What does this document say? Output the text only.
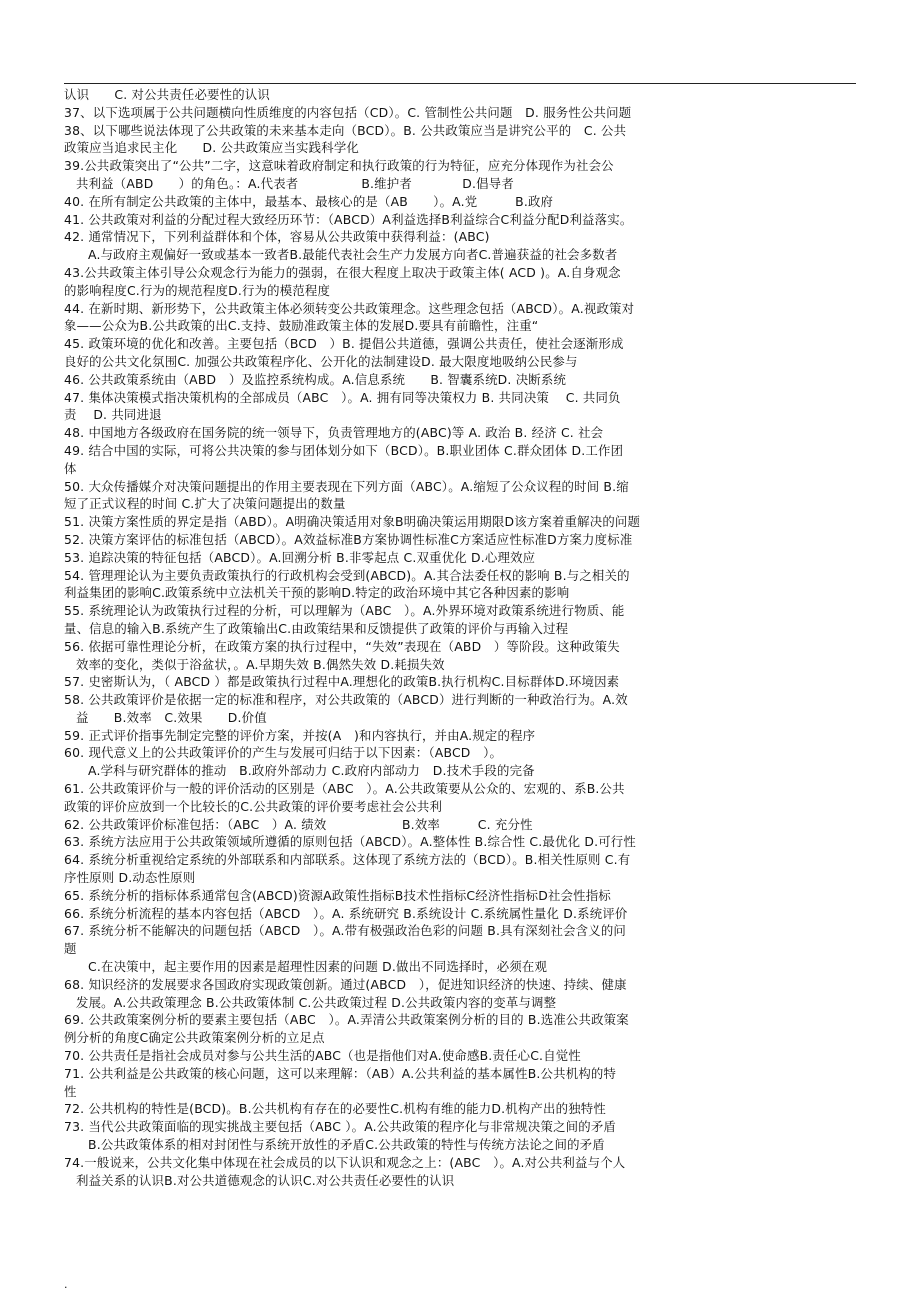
认识　　C. 对公共责任必要性的认识
37、以下选项属于公共问题横向性质维度的内容包括（CD）。C. 管制性公共问题　D. 服务性公共问题
38、以下哪些说法体现了公共政策的未来基本走向（BCD）。B. 公共政策应当是讲究公平的　C. 公共
政策应当追求民主化　　D. 公共政策应当实践科学化
39.公共政策突出了“公共”二字，这意味着政府制定和执行政策的行为特征，应充分体现作为社会公
共利益（ABD　　）的角色。：A.代表者　　　　　B.维护者　　　　D.倡导者
40. 在所有制定公共政策的主体中，最基本、最核心的是（AB　　）。A.党　　　B.政府
41. 公共政策对利益的分配过程大致经历环节：（ABCD）A利益选择B利益综合C利益分配D利益落实。
42. 通常情况下，下列利益群体和个体，容易从公共政策中获得利益：(ABC)
A.与政府主观偏好一致或基本一致者B.最能代表社会生产力发展方向者C.普遍获益的社会多数者
43.公共政策主体引导公众观念行为能力的强弱，在很大程度上取决于政策主体( ACD )。A.自身观念
的影响程度C.行为的规范程度D.行为的模范程度
44. 在新时期、新形势下，公共政策主体必须转变公共政策理念。这些理念包括（ABCD）。A.视政策对
象——公众为B.公共政策的出C.支持、鼓励准政策主体的发展D.要具有前瞻性，注重“
45. 政策环境的优化和改善。主要包括（BCD　）B. 提倡公共道德，强调公共责任，使社会逐渐形成
良好的公共文化氛围C. 加强公共政策程序化、公开化的法制建设D. 最大限度地吸纳公民参与
46. 公共政策系统由（ABD　）及监控系统构成。A.信息系统　　B. 智囊系统D. 决断系统
47. 集体决策模式指决策机构的全部成员（ABC　）。A. 拥有同等决策权力 B. 共同决策　 C. 共同负
责　 D. 共同进退
48. 中国地方各级政府在国务院的统一领导下，负责管理地方的(ABC)等 A. 政治 B. 经济 C. 社会
49. 结合中国的实际，可将公共决策的参与团体划分如下（BCD）。B.职业团体 C.群众团体 D.工作团
体
50. 大众传播媒介对决策问题提出的作用主要表现在下列方面（ABC）。A.缩短了公众议程的时间 B.缩
短了正式议程的时间 C.扩大了决策问题提出的数量
51. 决策方案性质的界定是指（ABD）。A明确决策适用对象B明确决策运用期限D该方案着重解决的问题
52. 决策方案评估的标准包括（ABCD）。A效益标准B方案协调性标准C方案适应性标准D方案力度标准
53. 追踪决策的特征包括（ABCD）。A.回溯分析 B.非零起点 C.双重优化 D.心理效应
54. 管理理论认为主要负责政策执行的行政机构会受到(ABCD)。A.其合法委任权的影响 B.与之相关的
利益集团的影响C.政策系统中立法机关干预的影响D.特定的政治环境中其它各种因素的影响
55. 系统理论认为政策执行过程的分析，可以理解为（ABC　）。A.外界环境对政策系统进行物质、能
量、信息的输入B.系统产生了政策输出C.由政策结果和反馈提供了政策的评价与再输入过程
56. 依据可靠性理论分析，在政策方案的执行过程中，“失效”表现在（ABD　）等阶段。这种政策失
效率的变化，类似于浴盆状，。A.早期失效 B.偶然失效 D.耗损失效
57. 史密斯认为，（ ABCD ）都是政策执行过程中A.理想化的政策B.执行机构C.目标群体D.环境因素
58. 公共政策评价是依据一定的标准和程序，对公共政策的（ABCD）进行判断的一种政治行为。A.效
益　　B.效率　C.效果　　D.价值
59. 正式评价指事先制定完整的评价方案，并按(A　)和内容执行，并由A.规定的程序
60. 现代意义上的公共政策评价的产生与发展可归结于以下因素：（ABCD　）。
A.学科与研究群体的推动　B.政府外部动力 C.政府内部动力　D.技术手段的完备
61. 公共政策评价与一般的评价活动的区别是（ABC　）。A.公共政策要从公众的、宏观的、系B.公共
政策的评价应放到一个比较长的C.公共政策的评价要考虑社会公共利
62. 公共政策评价标准包括：（ABC　）A. 绩效　　　　　　B.效率　　　C. 充分性
63. 系统方法应用于公共政策领域所遵循的原则包括（ABCD）。A.整体性 B.综合性 C.最优化 D.可行性
64. 系统分析重视给定系统的外部联系和内部联系。这体现了系统方法的（BCD）。B.相关性原则 C.有
序性原则 D.动态性原则
65. 系统分析的指标体系通常包含(ABCD)资源A政策性指标B技术性指标C经济性指标D社会性指标
66. 系统分析流程的基本内容包括（ABCD　）。A. 系统研究 B.系统设计 C.系统属性量化 D.系统评价
67. 系统分析不能解决的问题包括（ABCD　）。A.带有极强政治色彩的问题 B.具有深刻社会含义的问
题
C.在决策中，起主要作用的因素是超理性因素的问题 D.做出不同选择时，必须在观
68. 知识经济的发展要求各国政府实现政策创新。通过(ABCD　），促进知识经济的快速、持续、健康
发展。A.公共政策理念 B.公共政策体制 C.公共政策过程 D.公共政策内容的变革与调整
69. 公共政策案例分析的要素主要包括（ABC　）。A.弄清公共政策案例分析的目的 B.选准公共政策案
例分析的角度C确定公共政策案例分析的立足点
70. 公共责任是指社会成员对参与公共生活的ABC（也是指他们对A.使命感B.责任心C.自觉性
71. 公共利益是公共政策的核心问题，这可以来理解：（AB）A.公共利益的基本属性B.公共机构的特
性
72. 公共机构的特性是(BCD)。B.公共机构有存在的必要性C.机构有维的能力D.机构产出的独特性
73. 当代公共政策面临的现实挑战主要包括（ABC ）。A.公共政策的程序化与非常规决策之间的矛盾
B.公共政策体系的相对封闭性与系统开放性的矛盾C.公共政策的特性与传统方法论之间的矛盾
74.一般说来，公共文化集中体现在社会成员的以下认识和观念之上：(ABC　）。A.对公共利益与个人
利益关系的认识B.对公共道德观念的认识C.对公共责任必要性的认识
.
